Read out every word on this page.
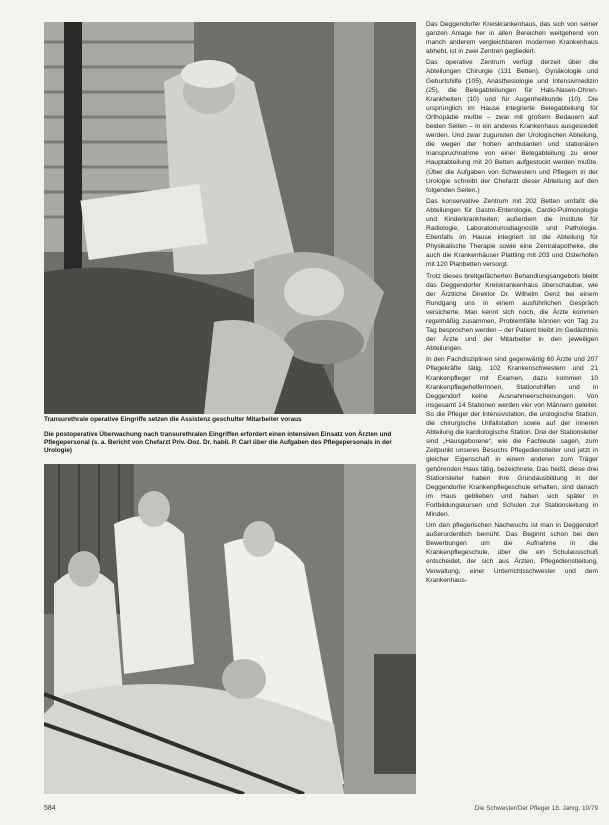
Transurethrale operative Eingriffe setzen die Assistenz geschulter Mitarbeiter voraus

Die postoperative Überwachung nach transurethralen Eingriffen erfordert einen intensiven Einsatz von Ärzten und Pflegepersonal (s. a. Bericht von Chefarzt Priv.-Doz. Dr. habil. P. Carl über die Aufgaben des Pflegepersonals in der Urologie)

Das Deggendorfer Kreiskrankenhaus, das sich von seiner ganzen Anlage her in allen Bereichen weitgehend von manch anderem vergleichbaren modernen Krankenhaus abhebt, ist in zwei Zentren gegliedert.

Das operative Zentrum verfügt derzeit über die Abteilungen Chirurgie (131 Betten), Gynäkologie und Geburtshilfe (105), Anästhesiologie und Intensivmedizin (25), die Belegabteilungen für Hals-Nasen-Ohren-Krankheiten (10) und für Augenheilkunde (10). Die ursprünglich im Hause integrierte Belegabteilung für Orthopädie mußte – zwar mit großem Bedauern auf beiden Seiten – in ein anderes Krankenhaus ausgesiedelt werden. Und zwar zugunsten der Urologischen Abteilung, die wegen der hohen ambulanten und stationären Inanspruchnahme von einer Belegabteilung zu einer Hauptabteilung mit 20 Betten aufgestockt werden mußte. (Über die Aufgaben von Schwestern und Pflegern in der Urologie schreibt der Chefarzt dieser Abteilung auf den folgenden Seiten.)

Das konservative Zentrum mit 202 Betten umfaßt die Abteilungen für Gastro-Enterologie, Cardio-Pulmonologie und Kinderkrankheiten; außerdem die Institute für Radiologie, Laboratoriumsdiagnostik und Pathologie. Ebenfalls im Hause integriert ist die Abteilung für Physikalische Therapie sowie eine Zentralapotheke, die auch die Krankenhäuser Plattling mit 203 und Osterhofen mit 120 Planbetten versorgt.

Trotz dieses breitgefächerten Behandlungsangebots bleibt das Deggendorfer Kreiskrankenhaus überschaubar, wie der Ärztliche Direktor Dr. Wilhelm Genz bei einem Rundgang uns in einem ausführlichen Gespräch versicherte. Man kennt sich noch, die Ärzte kommen regelmäßig zusammen, Problemfälle können von Tag zu Tag besprochen werden – der Patient bleibt im Gedächtnis der Ärzte und der Mitarbeiter in den jeweiligen Abteilungen.

In den Fachdisziplinen sind gegenwärtig 60 Ärzte und 207 Pflegekräfte tätig, 102 Krankenschwestern und 21 Krankenpfleger mit Examen, dazu kommen 10 Krankenpflegehelferinnen, Stationshilfen und in Deggendorf keine Ausnahmeerscheinungen. Von insgesamt 14 Stationen werden vier von Männern geleitet. So die Pfleger der Intensivstation, die urologische Station, die chirurgische Unfallstation sowie auf der inneren Abteilung die kardiologische Station. Drei der Stationsleiter sind „Hausgeborene“, wie die Fachleute sagen, zum Zeitpunkt unseres Besuchs Pflegedienstleiter und jetzt in gleicher Eigenschaft in einem anderen zum Träger gehörenden Haus tätig, bezeichnete. Das heißt, diese drei Stationsleiter haben ihre Grundausbildung in der Deggendorfer Krankenpflegeschule erhalten, sind danach im Haus geblieben und haben sich später in Fortbildungskursen und Schulen zur Stationsleitung in Minden.

Um den pflegerischen Nachwuchs ist man in Deggendorf außerordentlich bemüht. Das Beginnt schon bei den Bewerbungen um die Aufnahme in die Krankenpflegeschule, über die ein Schulausschuß entscheidet, der sich aus Ärzten, Pflegedienstleitung, Verwaltung, einer Unterrichtsschwester und dem Krankenhaus-

584	Die Schwester/Der Pfleger 18. Jahrg. 10/79
